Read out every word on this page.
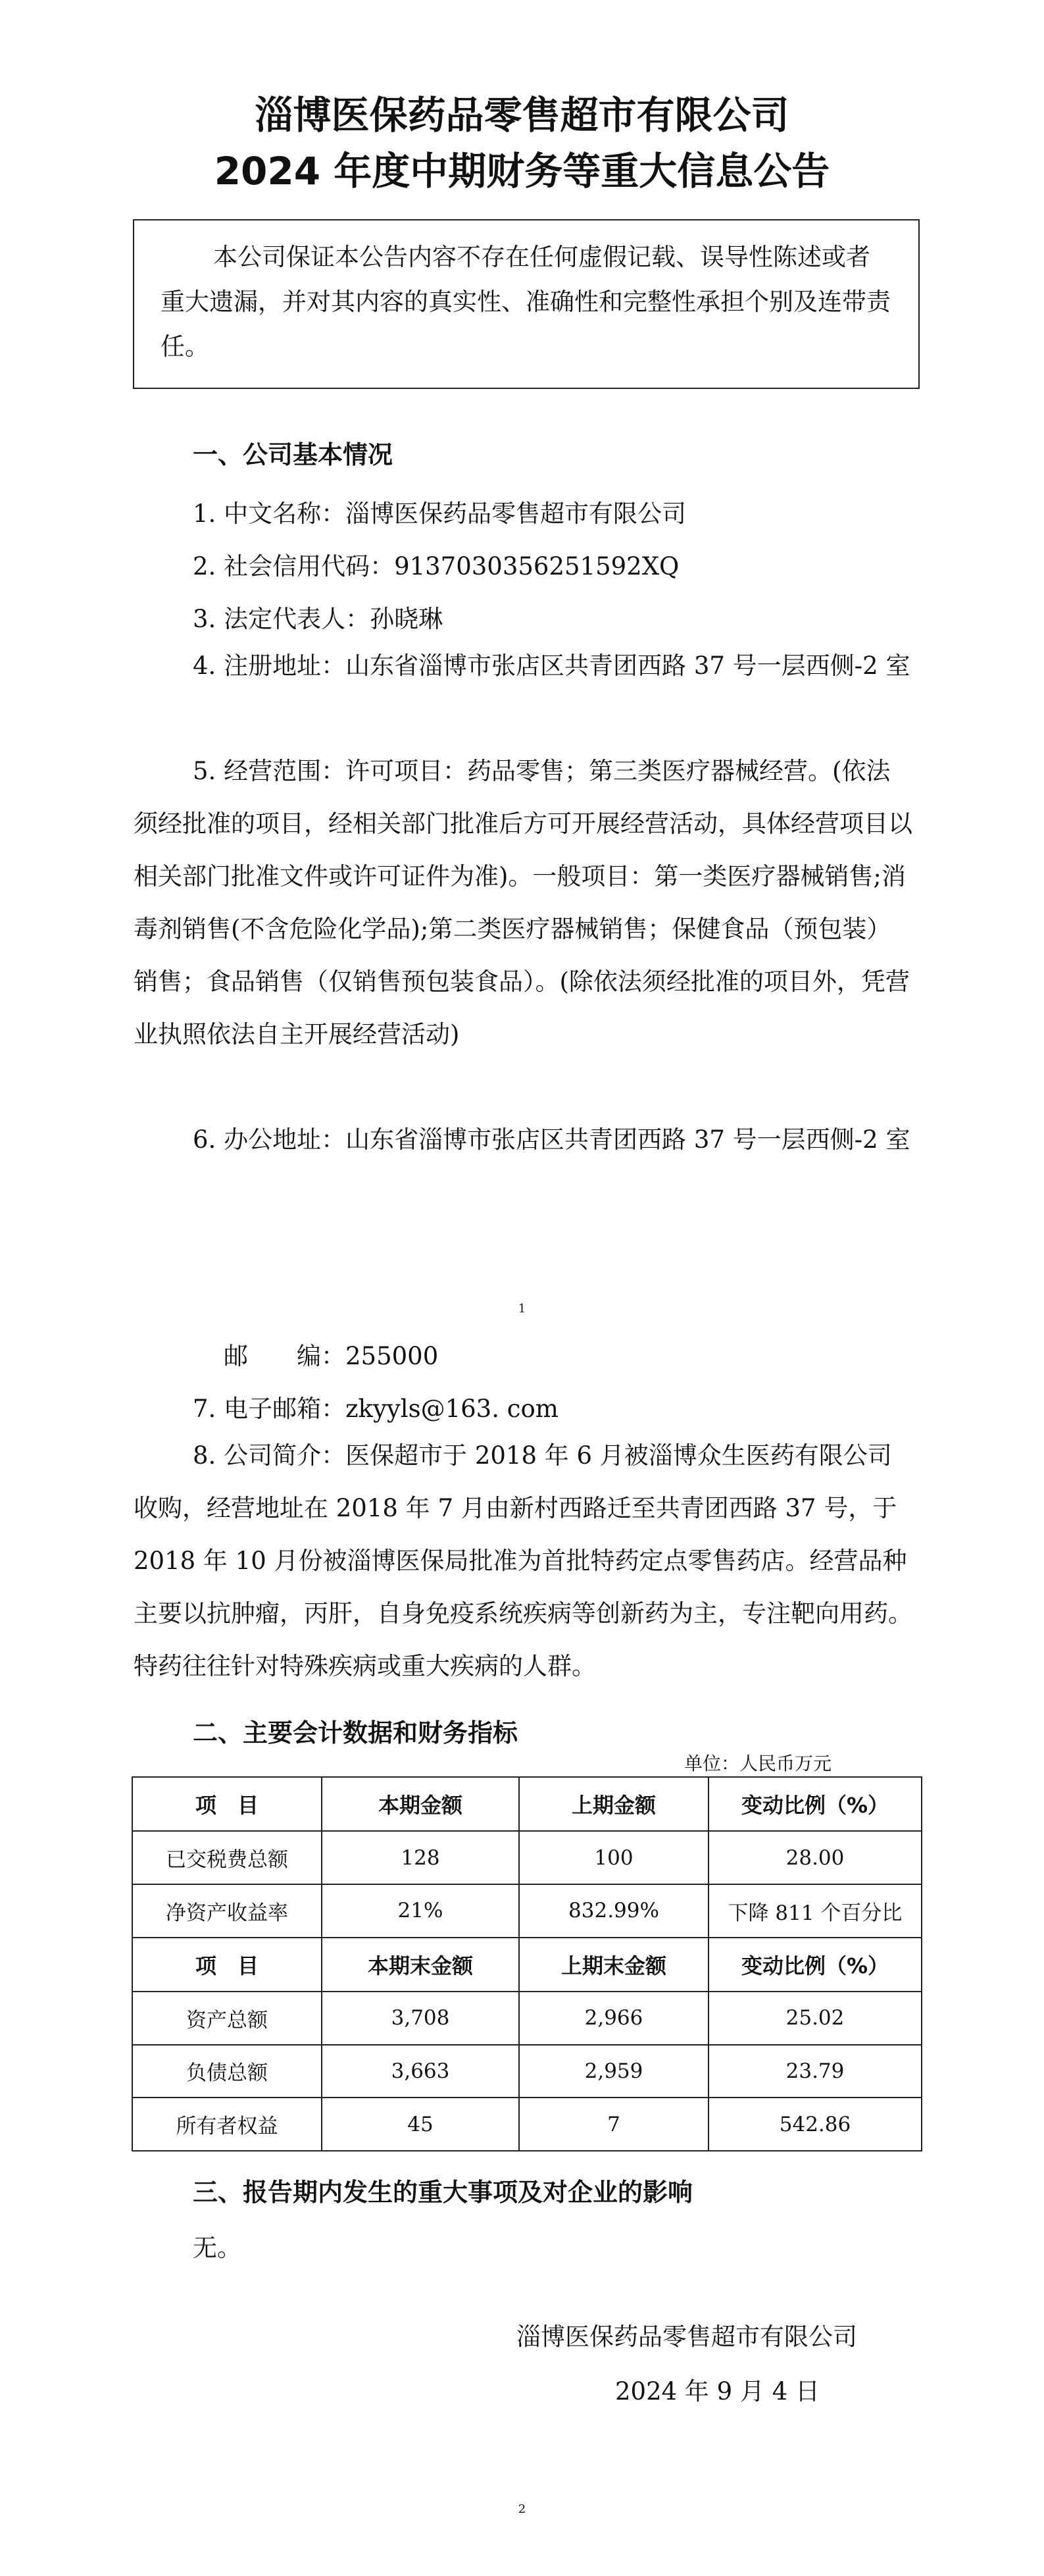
淄博医保药品零售超市有限公司
2024 年度中期财务等重大信息公告
本公司保证本公告内容不存在任何虚假记载、误导性陈述或者重大遗漏，并对其内容的真实性、准确性和完整性承担个别及连带责任。
一、公司基本情况
1. 中文名称：淄博医保药品零售超市有限公司
2. 社会信用代码：9137030356251592XQ
3. 法定代表人：孙晓琳
4. 注册地址：山东省淄博市张店区共青团西路 37 号一层西侧-2 室
5. 经营范围：许可项目：药品零售；第三类医疗器械经营。(依法须经批准的项目，经相关部门批准后方可开展经营活动，具体经营项目以相关部门批准文件或许可证件为准)。一般项目：第一类医疗器械销售;消毒剂销售(不含危险化学品);第二类医疗器械销售；保健食品（预包装）销售；食品销售（仅销售预包装食品）。(除依法须经批准的项目外，凭营业执照依法自主开展经营活动)
6. 办公地址：山东省淄博市张店区共青团西路 37 号一层西侧-2 室
1
邮　　编：255000
7. 电子邮箱：zkyyls@163. com
8. 公司简介：医保超市于 2018 年 6 月被淄博众生医药有限公司收购，经营地址在 2018 年 7 月由新村西路迁至共青团西路 37 号，于 2018 年 10 月份被淄博医保局批准为首批特药定点零售药店。经营品种主要以抗肿瘤，丙肝，自身免疫系统疾病等创新药为主，专注靶向用药。特药往往针对特殊疾病或重大疾病的人群。
二、主要会计数据和财务指标
单位：人民币万元
项　目	本期金额	上期金额	变动比例（%）
已交税费总额	128	100	28.00
净资产收益率	21%	832.99%	下降 811 个百分比
项　目	本期末金额	上期末金额	变动比例（%）
资产总额	3,708	2,966	25.02
负债总额	3,663	2,959	23.79
所有者权益	45	7	542.86
三、报告期内发生的重大事项及对企业的影响
无。
淄博医保药品零售超市有限公司
2024 年 9 月 4 日
2
